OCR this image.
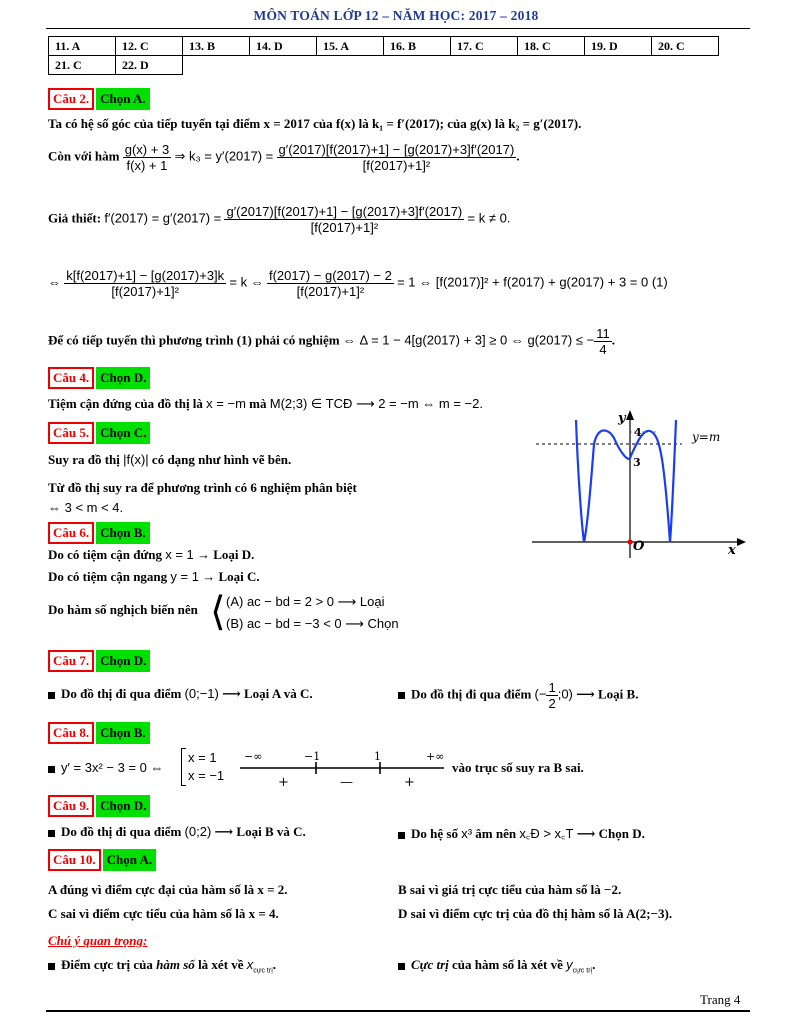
MÔN TOÁN LỚP 12 – NĂM HỌC: 2017 – 2018
11. A	12. C	13. B	14. D	15. A	16. B	17. C	18. C	19. D	20. C
21. C	22. D								
Câu 2. Chọn A.
Ta có hệ số góc của tiếp tuyến tại điểm x = 2017 của f(x) là k₁ = f′(2017); của g(x) là k₂ = g′(2017).
Còn với hàm $\frac{g(x) + 3}{f(x) + 1}$ ⇒ $k_3 = y'(2017) = \frac{g'(2017)[f(2017)+1] - [g(2017)+3]f'(2017)}{\text{[f(2017)+1]²}}$ .
Giả thiết: $f'(2017) = g'(2017) = \frac{g'(2017)[f(2017)+1] - [g(2017)+3]f'(2017)}{\text{[f(2017)+1]²}} = k \ne 0$.
⇔ $\frac{k[f(2017)+1] - [g(2017)+3]k}{\text{[f(2017)+1]²}} = k$ ⇔ $\frac{f(2017) - g(2017) - 2}{\text{[f(2017)+1]²}} = 1$ ⇔ [f(2017)]² + f(2017) + g(2017) + 3 = 0 (1)
Để có tiếp tuyến thì phương trình (1) phải có nghiệm ⇔ Δ = 1 − 4[g(2017) + 3] ≥ 0 ⇔ g(2017) ≤ − $\frac{11}{4}$ .
Câu 4. Chọn D.
Tiệm cận đứng của đồ thị là x = −m mà M(2;3) ∈ TCĐ ⟶ 2 = −m ⇔ m = −2.
Câu 5. Chọn C.
Suy ra đồ thị |f(x)| có dạng như hình vẽ bên.
Từ đồ thị suy ra để phương trình có 6 nghiệm phân biệt
⇔ 3 < m < 4.
y
x
O
4
3
y=m
Câu 6. Chọn B.
Do có tiệm cận đứng x = 1 → Loại D.
Do có tiệm cận ngang y = 1 → Loại C.
Do hàm số nghịch biến nên ⟨ (A) ac − bd = 2 > 0 ⟶ Loại
(B) ac − bd = −3 < 0 ⟶ Chọn
Câu 7. Chọn D.
Do đồ thị đi qua điểm (0;−1) ⟶ Loại A và C.	Do đồ thị đi qua điểm (− $\frac{1}{2}$ ;0) ⟶ Loại B.
Câu 8. Chọn B.
y′ = 3x² − 3 = 0 ⇔
x = 1
x = −1
−∞	−1	1	+∞
+	—	+
vào trục số suy ra B sai.
Câu 9. Chọn D.
Do đồ thị đi qua điểm (0;2) ⟶ Loại B và C.	Do hệ số x³ âm nên x꜀Đ > x꜀T ⟶ Chọn D.
Câu 10. Chọn A.
A đúng vì điểm cực đại của hàm số là x = 2.	B sai vì giá trị cực tiểu của hàm số là −2.
C sai vì điểm cực tiểu của hàm số là x = 4.	D sai vì điểm cực trị của đồ thị hàm số là A(2;−3).
Chú ý quan trọng:
Điểm cực trị của hàm số là xét về $x_{cực trị}$.	Cực trị của hàm số là xét về $y_{cực trị}$.
Trang 4
